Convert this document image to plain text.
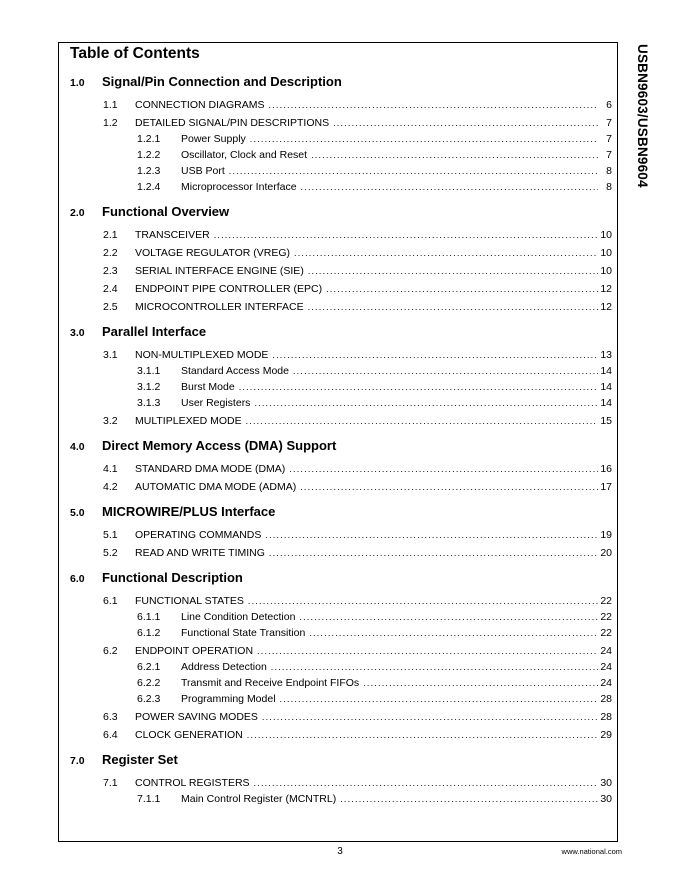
USBN9603/USBN9604
Table of Contents
1.0	Signal/Pin Connection and Description
1.1	CONNECTION DIAGRAMS .....	6
1.2	DETAILED SIGNAL/PIN DESCRIPTIONS .....	7
1.2.1	Power Supply .....	7
1.2.2	Oscillator, Clock and Reset .....	7
1.2.3	USB Port .....	8
1.2.4	Microprocessor Interface .....	8
2.0	Functional Overview
2.1	TRANSCEIVER .....	10
2.2	VOLTAGE REGULATOR (VREG) .....	10
2.3	SERIAL INTERFACE ENGINE (SIE) .....	10
2.4	ENDPOINT PIPE CONTROLLER (EPC) .....	12
2.5	MICROCONTROLLER INTERFACE .....	12
3.0	Parallel Interface
3.1	NON-MULTIPLEXED MODE .....	13
3.1.1	Standard Access Mode .....	14
3.1.2	Burst Mode .....	14
3.1.3	User Registers .....	14
3.2	MULTIPLEXED MODE .....	15
4.0	Direct Memory Access (DMA) Support
4.1	STANDARD DMA MODE (DMA) .....	16
4.2	AUTOMATIC DMA MODE (ADMA) .....	17
5.0	MICROWIRE/PLUS Interface
5.1	OPERATING COMMANDS .....	19
5.2	READ AND WRITE TIMING .....	20
6.0	Functional Description
6.1	FUNCTIONAL STATES .....	22
6.1.1	Line Condition Detection .....	22
6.1.2	Functional State Transition .....	22
6.2	ENDPOINT OPERATION .....	24
6.2.1	Address Detection .....	24
6.2.2	Transmit and Receive Endpoint FIFOs .....	24
6.2.3	Programming Model .....	28
6.3	POWER SAVING MODES .....	28
6.4	CLOCK GENERATION .....	29
7.0	Register Set
7.1	CONTROL REGISTERS .....	30
7.1.1	Main Control Register (MCNTRL) .....	30
3	www.national.com
